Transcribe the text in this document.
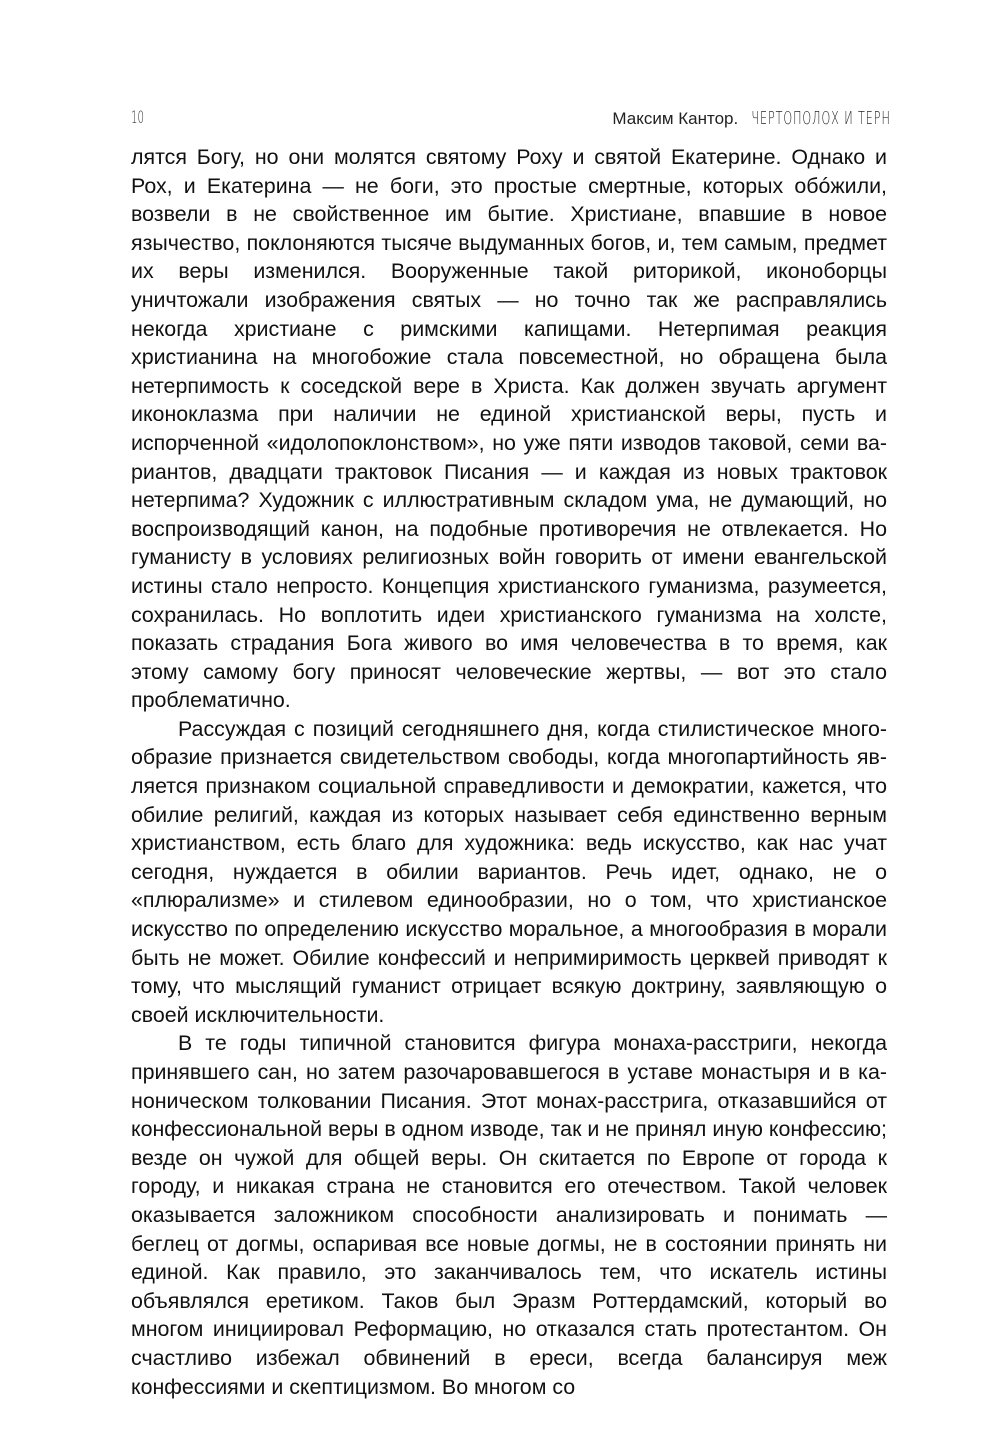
10	Максим Кантор. ЧЕРТОПОЛОХ И ТЕРН

лятся Богу, но они молятся святому Роху и святой Екатерине. Однако и Рох, и Екатерина — не боги, это простые смертные, которых обóжили, возвели в не свойственное им бытие. Христиане, впавшие в новое язычество, поклоняются тысяче выдуманных богов, и, тем самым, предмет их веры изменился. Вооруженные такой риторикой, иконоборцы уничтожали изображения святых — но точно так же расправлялись некогда христиане с римскими капищами. Нетерпимая реакция христианина на многобожие стала повсеместной, но обращена была нетерпимость к соседской вере в Христа. Как должен звучать аргумент иконоклазма при наличии не единой христианской веры, пусть и испорченной «идолопоклонством», но уже пяти изводов таковой, семи вариантов, двадцати трактовок Писания — и каждая из новых трактовок нетерпима? Художник с иллюстративным складом ума, не думающий, но воспроизводящий канон, на подобные противоречия не отвлекается. Но гуманисту в условиях религиозных войн говорить от имени евангельской истины стало непросто. Концепция христианского гуманизма, разумеется, сохранилась. Но воплотить идеи христианского гуманизма на холсте, показать страдания Бога живого во имя человечества в то время, как этому самому богу приносят человеческие жертвы, — вот это стало проблематично.

Рассуждая с позиций сегодняшнего дня, когда стилистическое многообразие признается свидетельством свободы, когда многопартийность является признаком социальной справедливости и демократии, кажется, что обилие религий, каждая из которых называет себя единственно верным христианством, есть благо для художника: ведь искусство, как нас учат сегодня, нуждается в обилии вариантов. Речь идет, однако, не о «плюрализме» и стилевом единообразии, но о том, что христианское искусство по определению искусство моральное, а многообразия в морали быть не может. Обилие конфессий и непримиримость церквей приводят к тому, что мыслящий гуманист отрицает всякую доктрину, заявляющую о своей исключительности.

В те годы типичной становится фигура монаха-расстриги, некогда принявшего сан, но затем разочаровавшегося в уставе монастыря и в каноническом толковании Писания. Этот монах-расстрига, отказавшийся от конфессиональной веры в одном изводе, так и не принял иную конфессию; везде он чужой для общей веры. Он скитается по Европе от города к городу, и никакая страна не становится его отечеством. Такой человек оказывается заложником способности анализировать и понимать — беглец от догмы, оспаривая все новые догмы, не в состоянии принять ни единой. Как правило, это заканчивалось тем, что искатель истины объявлялся еретиком. Таков был Эразм Роттердамский, который во многом инициировал Реформацию, но отказался стать протестантом. Он счастливо избежал обвинений в ереси, всегда балансируя меж конфессиями и скептицизмом. Во многом со
